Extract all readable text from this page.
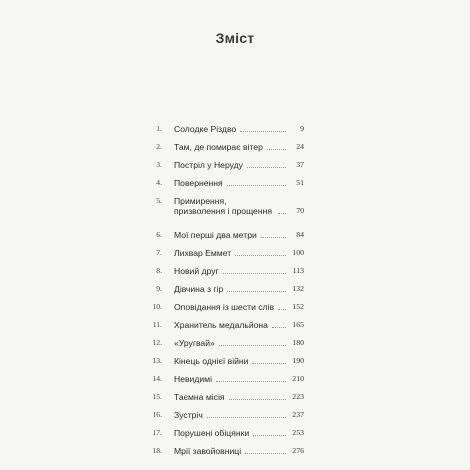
Зміст
1. Солодке Різдво	9
2. Там, де помирає вітер	24
3. Постріл у Неруду	37
4. Повернення	51
5. Примирення, призволення і прощення	70
6. Мої перші два метри	84
7. Лихвар Еммет	100
8. Новий друг	113
9. Дівчина з гір	132
10. Оповідання із шести слів	152
11. Хранитель медальйона	165
12. «Уругвай»	180
13. Кінець однієї війни	190
14. Невидимі	210
15. Таємна місія	223
16. Зустріч	237
17. Порушені обіцянки	253
18. Мрії завойовниці	276
